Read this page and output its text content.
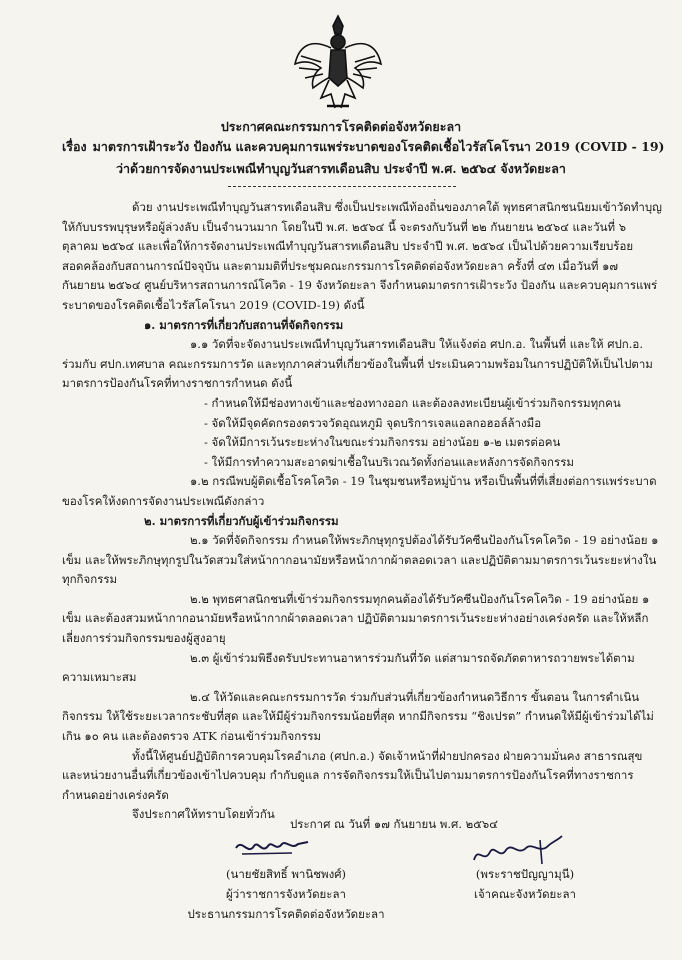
ประกาศคณะกรรมการโรคติดต่อจังหวัดยะลา
เรื่อง มาตรการเฝ้าระวัง ป้องกัน และควบคุมการแพร่ระบาดของโรคติดเชื้อไวรัสโคโรนา 2019 (COVID - 19)
ว่าด้วยการจัดงานประเพณีทำบุญวันสารทเดือนสิบ ประจำปี พ.ศ. ๒๕๖๔ จังหวัดยะลา

ด้วย งานประเพณีทำบุญวันสารทเดือนสิบ ซึ่งเป็นประเพณีท้องถิ่นของภาคใต้ พุทธศาสนิกชนนิยมเข้าวัดทำบุญให้กับบรรพบุรุษหรือผู้ล่วงลับ เป็นจำนวนมาก โดยในปี พ.ศ. ๒๕๖๔ นี้ จะตรงกับวันที่ ๒๒ กันยายน ๒๕๖๔ และวันที่ ๖ ตุลาคม ๒๕๖๔ และเพื่อให้การจัดงานประเพณีทำบุญวันสารทเดือนสิบ ประจำปี พ.ศ. ๒๕๖๔ เป็นไปด้วยความเรียบร้อยสอดคล้องกับสถานการณ์ปัจจุบัน และตามมติที่ประชุมคณะกรรมการโรคติดต่อจังหวัดยะลา ครั้งที่ ๔๓ เมื่อวันที่ ๑๗ กันยายน ๒๕๖๔ ศูนย์บริหารสถานการณ์โควิด - 19 จังหวัดยะลา จึงกำหนดมาตรการเฝ้าระวัง ป้องกัน และควบคุมการแพร่ระบาดของโรคติดเชื้อไวรัสโคโรนา 2019 (COVID-19) ดังนี้

๑. มาตรการที่เกี่ยวกับสถานที่จัดกิจกรรม

๑.๑ วัดที่จะจัดงานประเพณีทำบุญวันสารทเดือนสิบ ให้แจ้งต่อ ศปก.อ. ในพื้นที่ และให้ ศปก.อ. ร่วมกับ ศปก.เทศบาล คณะกรรมการวัด และทุกภาคส่วนที่เกี่ยวข้องในพื้นที่ ประเมินความพร้อมในการปฏิบัติให้เป็นไปตามมาตรการป้องกันโรคที่ทางราชการกำหนด ดังนี้

- กำหนดให้มีช่องทางเข้าและช่องทางออก และต้องลงทะเบียนผู้เข้าร่วมกิจกรรมทุกคน

- จัดให้มีจุดคัดกรองตรวจวัดอุณหภูมิ จุดบริการเจลแอลกอฮอล์ล้างมือ

- จัดให้มีการเว้นระยะห่างในขณะร่วมกิจกรรม อย่างน้อย ๑-๒ เมตรต่อคน

- ให้มีการทำความสะอาดฆ่าเชื้อในบริเวณวัดทั้งก่อนและหลังการจัดกิจกรรม

๑.๒ กรณีพบผู้ติดเชื้อโรคโควิด - 19 ในชุมชนหรือหมู่บ้าน หรือเป็นพื้นที่ที่เสี่ยงต่อการแพร่ระบาดของโรคให้งดการจัดงานประเพณีดังกล่าว

๒. มาตรการที่เกี่ยวกับผู้เข้าร่วมกิจกรรม

๒.๑ วัดที่จัดกิจกรรม กำหนดให้พระภิกษุทุกรูปต้องได้รับวัคซีนป้องกันโรคโควิด - 19 อย่างน้อย ๑ เข็ม และให้พระภิกษุทุกรูปในวัดสวมใส่หน้ากากอนามัยหรือหน้ากากผ้าตลอดเวลา และปฏิบัติตามมาตรการเว้นระยะห่างในทุกกิจกรรม

๒.๒ พุทธศาสนิกชนที่เข้าร่วมกิจกรรมทุกคนต้องได้รับวัคซีนป้องกันโรคโควิด - 19 อย่างน้อย ๑ เข็ม และต้องสวมหน้ากากอนามัยหรือหน้ากากผ้าตลอดเวลา ปฏิบัติตามมาตรการเว้นระยะห่างอย่างเคร่งครัด และให้หลีกเลี่ยงการร่วมกิจกรรมของผู้สูงอายุ

๒.๓ ผู้เข้าร่วมพิธีงดรับประทานอาหารร่วมกันที่วัด แต่สามารถจัดภัตตาหารถวายพระได้ตามความเหมาะสม

๒.๔ ให้วัดและคณะกรรมการวัด ร่วมกับส่วนที่เกี่ยวข้องกำหนดวิธีการ ขั้นตอน ในการดำเนินกิจกรรม ให้ใช้ระยะเวลากระชับที่สุด และให้มีผู้ร่วมกิจกรรมน้อยที่สุด หากมีกิจกรรม “ชิงเปรต” กำหนดให้มีผู้เข้าร่วมได้ไม่เกิน ๑๐ คน และต้องตรวจ ATK ก่อนเข้าร่วมกิจกรรม

ทั้งนี้ให้ศูนย์ปฏิบัติการควบคุมโรคอำเภอ (ศปก.อ.) จัดเจ้าหน้าที่ฝ่ายปกครอง ฝ่ายความมั่นคง สาธารณสุข และหน่วยงานอื่นที่เกี่ยวข้องเข้าไปควบคุม กำกับดูแล การจัดกิจกรรมให้เป็นไปตามมาตรการป้องกันโรคที่ทางราชการกำหนดอย่างเคร่งครัด

จึงประกาศให้ทราบโดยทั่วกัน

ประกาศ ณ วันที่ ๑๗ กันยายน พ.ศ. ๒๕๖๔
(นายชัยสิทธิ์ พานิชพงศ์)
ผู้ว่าราชการจังหวัดยะลา
ประธานกรรมการโรคติดต่อจังหวัดยะลา
(พระราชปัญญามุนี)
เจ้าคณะจังหวัดยะลา
